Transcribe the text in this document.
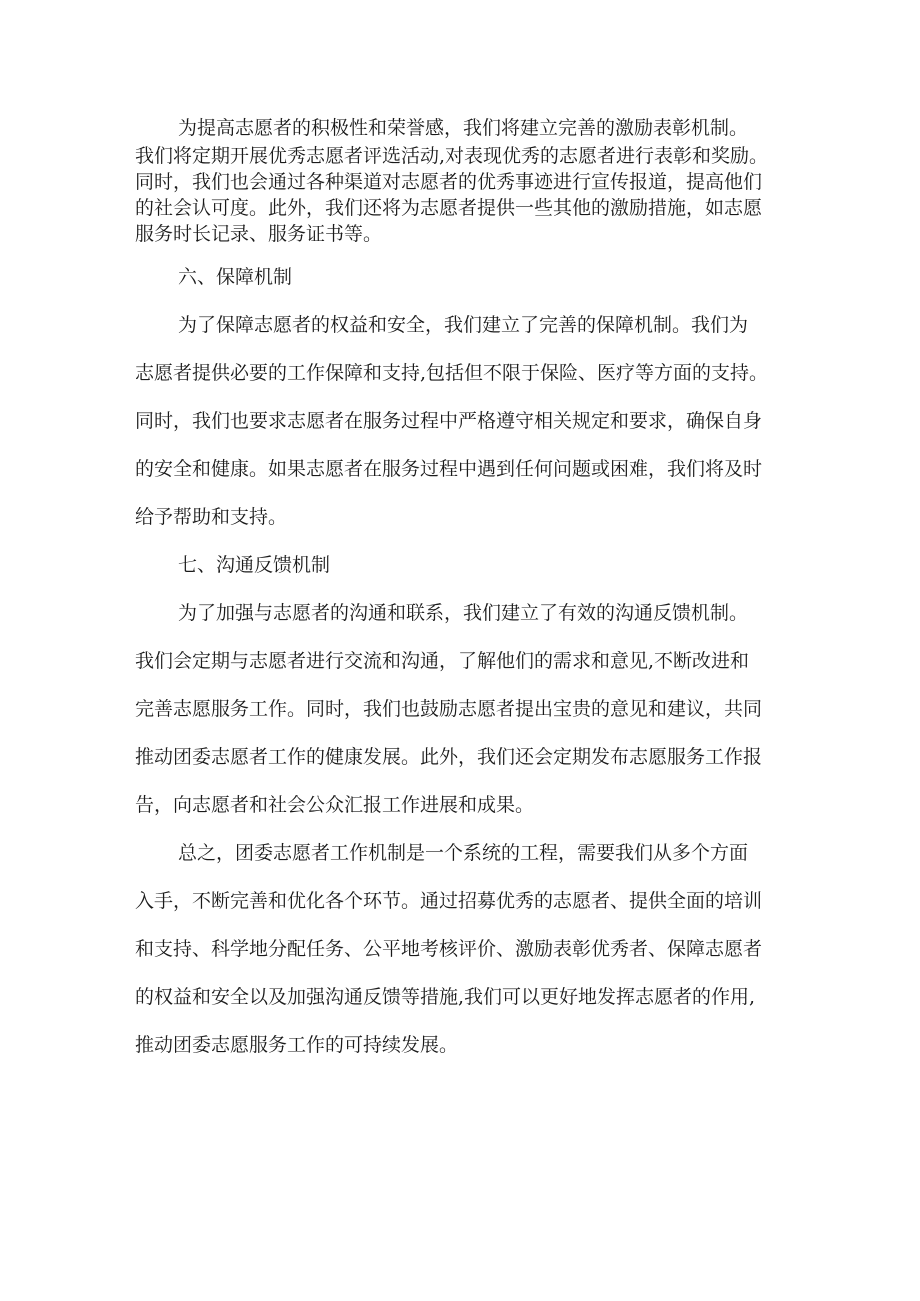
为提高志愿者的积极性和荣誉感，我们将建立完善的激励表彰机制。

我们将定期开展优秀志愿者评选活动,对表现优秀的志愿者进行表彰和奖励。

同时，我们也会通过各种渠道对志愿者的优秀事迹进行宣传报道，提高他们

的社会认可度。此外，我们还将为志愿者提供一些其他的激励措施，如志愿

服务时长记录、服务证书等。

六、保障机制

为了保障志愿者的权益和安全，我们建立了完善的保障机制。我们为

志愿者提供必要的工作保障和支持,包括但不限于保险、医疗等方面的支持。

同时，我们也要求志愿者在服务过程中严格遵守相关规定和要求，确保自身

的安全和健康。如果志愿者在服务过程中遇到任何问题或困难，我们将及时

给予帮助和支持。

七、沟通反馈机制

为了加强与志愿者的沟通和联系，我们建立了有效的沟通反馈机制。

我们会定期与志愿者进行交流和沟通，了解他们的需求和意见,不断改进和

完善志愿服务工作。同时，我们也鼓励志愿者提出宝贵的意见和建议，共同

推动团委志愿者工作的健康发展。此外，我们还会定期发布志愿服务工作报

告，向志愿者和社会公众汇报工作进展和成果。

总之，团委志愿者工作机制是一个系统的工程，需要我们从多个方面

入手，不断完善和优化各个环节。通过招募优秀的志愿者、提供全面的培训

和支持、科学地分配任务、公平地考核评价、激励表彰优秀者、保障志愿者

的权益和安全以及加强沟通反馈等措施,我们可以更好地发挥志愿者的作用,

推动团委志愿服务工作的可持续发展。
